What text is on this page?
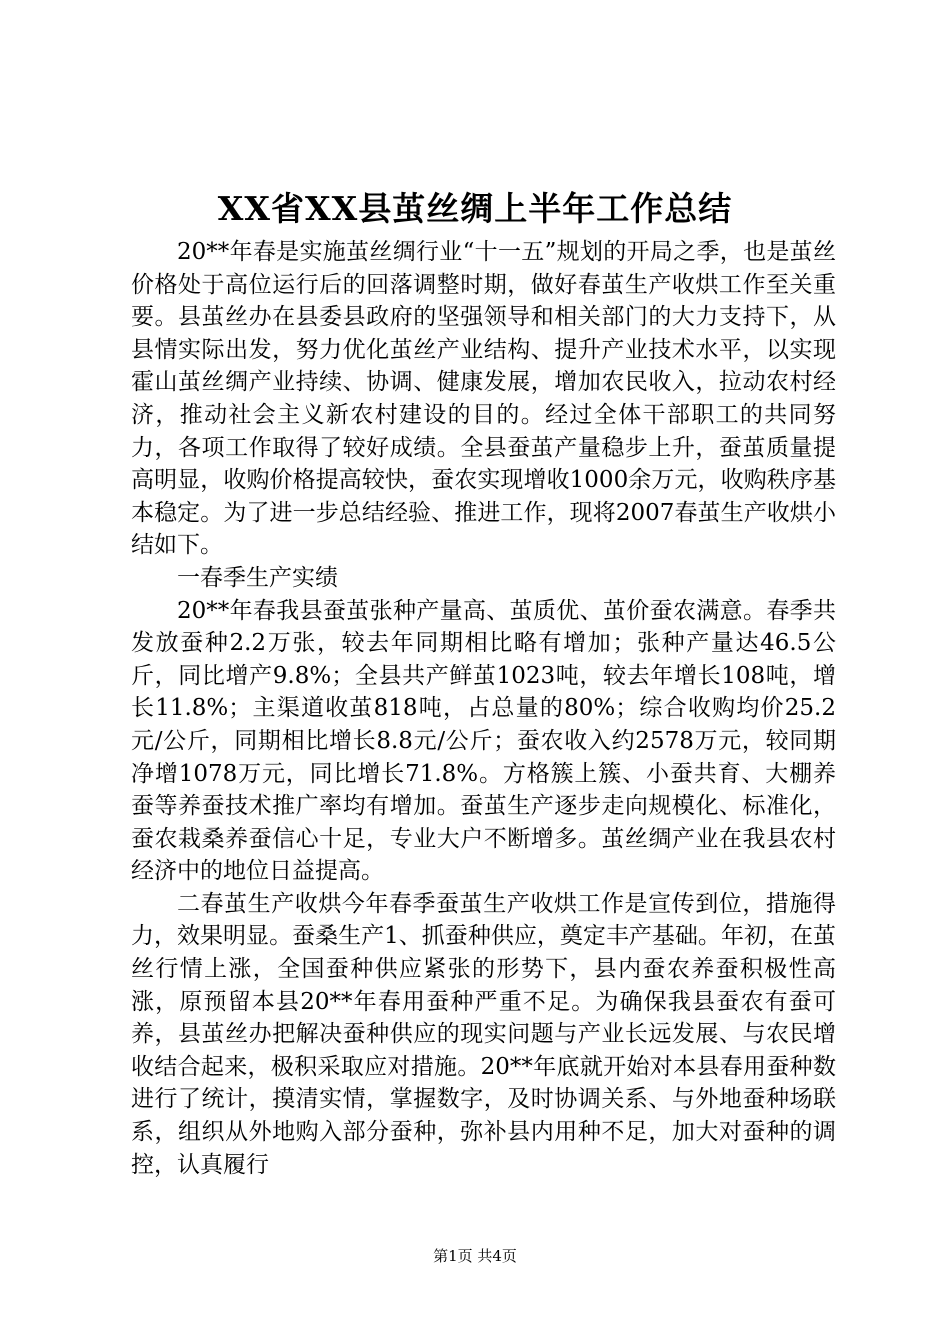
XX省XX县茧丝绸上半年工作总结

20**年春是实施茧丝绸行业“十一五”规划的开局之季，也是茧丝价格处于高位运行后的回落调整时期，做好春茧生产收烘工作至关重要。县茧丝办在县委县政府的坚强领导和相关部门的大力支持下，从县情实际出发，努力优化茧丝产业结构、提升产业技术水平，以实现霍山茧丝绸产业持续、协调、健康发展，增加农民收入，拉动农村经济，推动社会主义新农村建设的目的。经过全体干部职工的共同努力，各项工作取得了较好成绩。全县蚕茧产量稳步上升，蚕茧质量提高明显，收购价格提高较快，蚕农实现增收1000余万元，收购秩序基本稳定。为了进一步总结经验、推进工作，现将2007春茧生产收烘小结如下。

一春季生产实绩

20**年春我县蚕茧张种产量高、茧质优、茧价蚕农满意。春季共发放蚕种2.2万张，较去年同期相比略有增加；张种产量达46.5公斤，同比增产9.8%；全县共产鲜茧1023吨，较去年增长108吨，增长11.8%；主渠道收茧818吨，占总量的80%；综合收购均价25.2元/公斤，同期相比增长8.8元/公斤；蚕农收入约2578万元，较同期净增1078万元，同比增长71.8%。方格簇上簇、小蚕共育、大棚养蚕等养蚕技术推广率均有增加。蚕茧生产逐步走向规模化、标准化，蚕农栽桑养蚕信心十足，专业大户不断增多。茧丝绸产业在我县农村经济中的地位日益提高。

二春茧生产收烘今年春季蚕茧生产收烘工作是宣传到位，措施得力，效果明显。蚕桑生产1、抓蚕种供应，奠定丰产基础。年初，在茧丝行情上涨，全国蚕种供应紧张的形势下，县内蚕农养蚕积极性高涨，原预留本县20**年春用蚕种严重不足。为确保我县蚕农有蚕可养，县茧丝办把解决蚕种供应的现实问题与产业长远发展、与农民增收结合起来，极积采取应对措施。20**年底就开始对本县春用蚕种数进行了统计，摸清实情，掌握数字，及时协调关系、与外地蚕种场联系，组织从外地购入部分蚕种，弥补县内用种不足，加大对蚕种的调控，认真履行

第1页 共4页
